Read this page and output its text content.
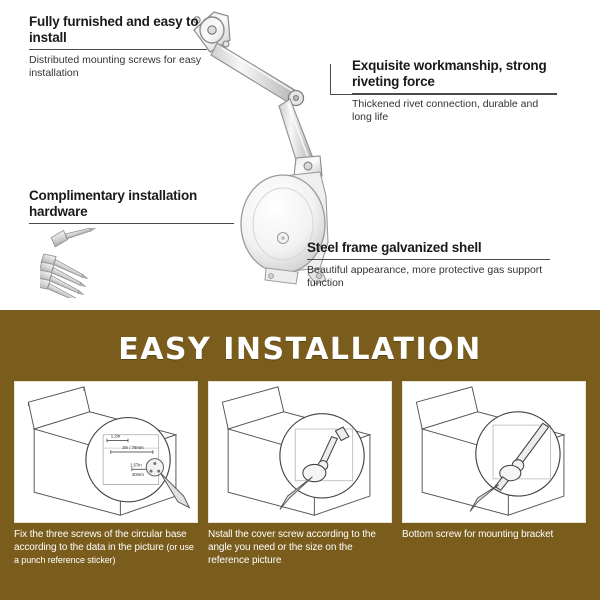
Fully furnished and easy to install
Distributed mounting screws for easy installation	Exquisite workmanship, strong riveting force
Thickened rivet connection, durable and long life
Complimentary installation hardware
Steel frame galvanized shell
Beautiful appearance, more protective gas support function
EASY INSTALLATION
1.2in
3in / 76mm
1.57in
40mm
Fix the three screws of the circular base according to the data in the picture (or use a punch reference sticker)
Nstall the cover screw according to the angle you need or the size on the reference picture
Bottom screw for mounting bracket
